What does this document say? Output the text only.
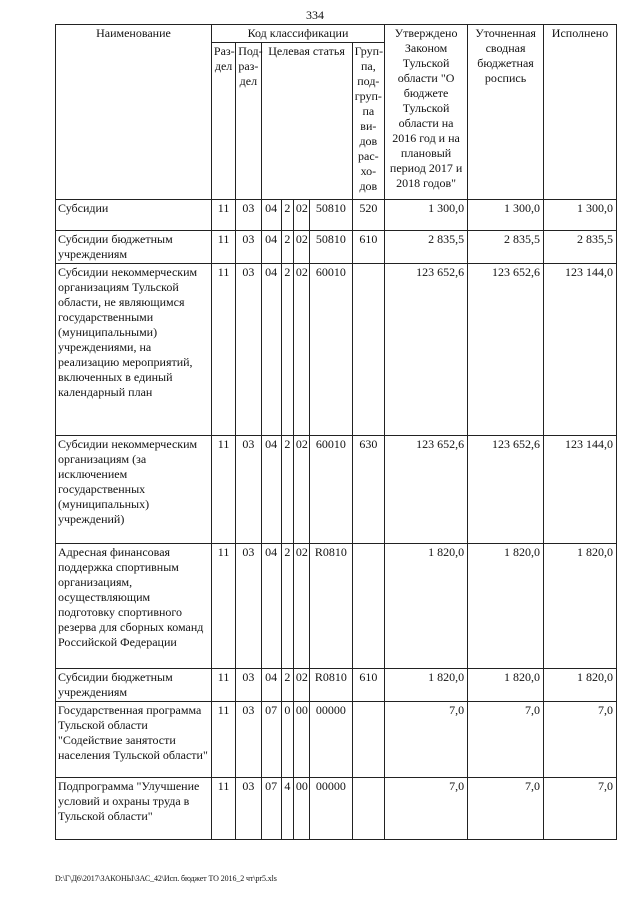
334
Наименование	Код классификации							Утверждено Законом Тульской области "О бюджете Тульской области на 2016 год и на плановый период 2017 и 2018 годов"	Уточненная сводная бюджетная роспись	Исполнено
	Раз-дел	Под-раз-дел	Целевая статья				Груп-па, под-груп-па ви-дов рас-хо-дов			
Субсидии	11	03	04	2	02	50810	520	1 300,0	1 300,0	1 300,0
Субсидии бюджетным учреждениям	11	03	04	2	02	50810	610	2 835,5	2 835,5	2 835,5
Субсидии некоммерческим организациям Тульской области, не являющимся государственными (муниципальными) учреждениями, на реализацию мероприятий, включенных в единый календарный план	11	03	04	2	02	60010		123 652,6	123 652,6	123 144,0
Субсидии некоммерческим организациям (за исключением государственных (муниципальных) учреждений)	11	03	04	2	02	60010	630	123 652,6	123 652,6	123 144,0
Адресная финансовая поддержка спортивным организациям, осуществляющим подготовку спортивного резерва для сборных команд Российской Федерации	11	03	04	2	02	R0810		1 820,0	1 820,0	1 820,0
Субсидии бюджетным учреждениям	11	03	04	2	02	R0810	610	1 820,0	1 820,0	1 820,0
Государственная программа Тульской области "Содействие занятости населения Тульской области"	11	03	07	0	00	00000		7,0	7,0	7,0
Подпрограмма "Улучшение условий и охраны труда в Тульской области"	11	03	07	4	00	00000		7,0	7,0	7,0
D:\Г\Д6\2017\ЗАКОНЫ\ЗАС_42\Исп. бюджет ТО 2016_2 чт\pr5.xls
